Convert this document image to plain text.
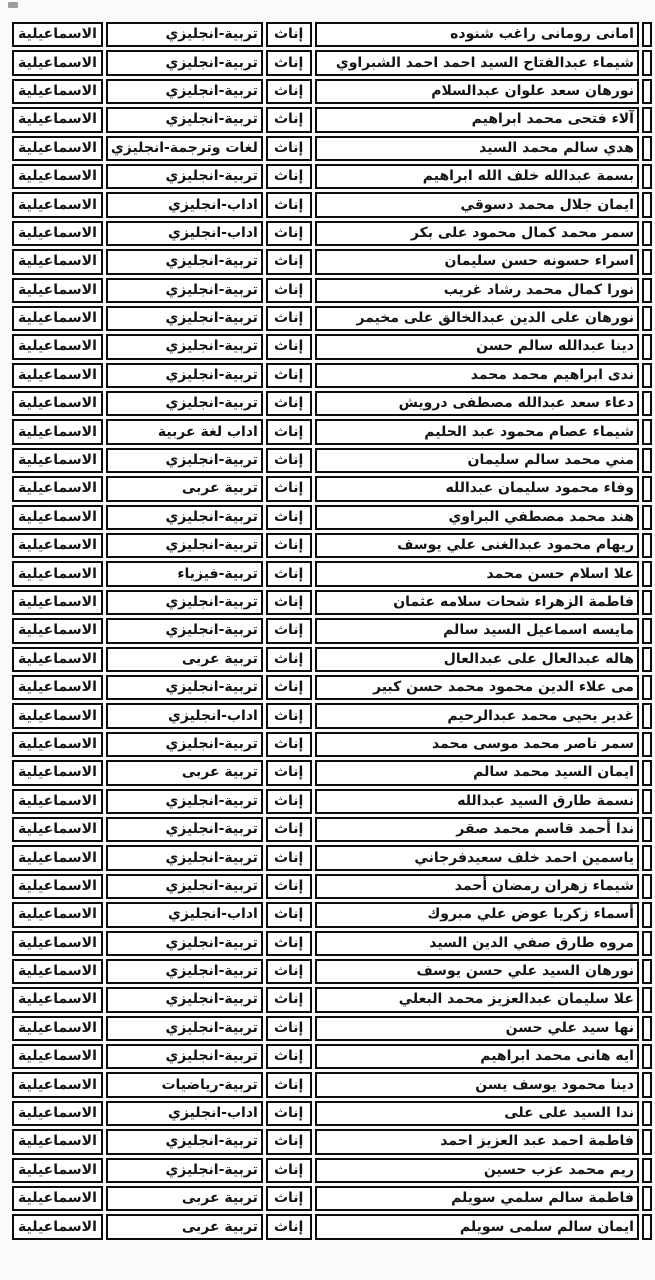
الاسماعيلية	تربية-انجليزي	إناث	امانى رومانى راغب شنوده	
الاسماعيلية	تربية-انجليزي	إناث	شيماء عبدالفتاح السيد احمد احمد الشبراوي	
الاسماعيلية	تربية-انجليزي	إناث	نورهان سعد علوان عبدالسلام	
الاسماعيلية	تربية-انجليزي	إناث	آلاء فتحى محمد ابراهيم	
الاسماعيلية	لغات وترجمة-انجليزي	إناث	هدي سالم محمد السيد	
الاسماعيلية	تربية-انجليزي	إناث	بسمة عبدالله خلف الله ابراهيم	
الاسماعيلية	اداب-انجليزي	إناث	ايمان جلال محمد دسوقي	
الاسماعيلية	اداب-انجليزي	إناث	سمر محمد كمال محمود على بكر	
الاسماعيلية	تربية-انجليزي	إناث	اسراء حسونه حسن سليمان	
الاسماعيلية	تربية-انجليزي	إناث	نورا كمال محمد رشاد غريب	
الاسماعيلية	تربية-انجليزي	إناث	نورهان على الدين عبدالخالق على مخيمر	
الاسماعيلية	تربية-انجليزي	إناث	دينا عبدالله سالم حسن	
الاسماعيلية	تربية-انجليزي	إناث	ندى ابراهيم محمد محمد	
الاسماعيلية	تربية-انجليزي	إناث	دعاء سعد عبدالله مصطفى درويش	
الاسماعيلية	اداب لغة عربية	إناث	شيماء عصام محمود عبد الحليم	
الاسماعيلية	تربية-انجليزي	إناث	مني محمد سالم سليمان	
الاسماعيلية	تربية عربى	إناث	وفاء محمود سليمان عبدالله	
الاسماعيلية	تربية-انجليزي	إناث	هند محمد مصطفي البراوي	
الاسماعيلية	تربية-انجليزي	إناث	ريهام محمود عبدالغنى علي يوسف	
الاسماعيلية	تربية-فيزياء	إناث	علا اسلام حسن محمد	
الاسماعيلية	تربية-انجليزي	إناث	فاطمة الزهراء شحات سلامه عثمان	
الاسماعيلية	تربية-انجليزي	إناث	مايسه اسماعيل السيد سالم	
الاسماعيلية	تربية عربى	إناث	هاله عبدالعال على عبدالعال	
الاسماعيلية	تربية-انجليزي	إناث	مى علاء الدين محمود محمد حسن كبير	
الاسماعيلية	اداب-انجليزي	إناث	غدير يحيى محمد عبدالرحيم	
الاسماعيلية	تربية-انجليزي	إناث	سمر ناصر محمد موسى محمد	
الاسماعيلية	تربية عربى	إناث	ايمان السيد محمد سالم	
الاسماعيلية	تربية-انجليزي	إناث	نسمة طارق السيد عبدالله	
الاسماعيلية	تربية-انجليزي	إناث	ندا أحمد قاسم محمد صقر	
الاسماعيلية	تربية-انجليزي	إناث	ياسمين احمد خلف سعيدفرجاني	
الاسماعيلية	تربية-انجليزي	إناث	شيماء زهران رمضان أحمد	
الاسماعيلية	اداب-انجليزي	إناث	أسماء زكريا عوض علي مبروك	
الاسماعيلية	تربية-انجليزي	إناث	مروه طارق صفي الدين السيد	
الاسماعيلية	تربية-انجليزي	إناث	نورهان السيد علي حسن يوسف	
الاسماعيلية	تربية-انجليزي	إناث	علا سليمان عبدالعزيز محمد البعلي	
الاسماعيلية	تربية-انجليزي	إناث	نها سيد علي حسن	
الاسماعيلية	تربية-انجليزي	إناث	ايه هانى محمد ابراهيم	
الاسماعيلية	تربية-رياضيات	إناث	دينا محمود يوسف يسن	
الاسماعيلية	اداب-انجليزي	إناث	ندا السيد على على	
الاسماعيلية	تربية-انجليزي	إناث	فاطمة احمد عبد العزيز احمد	
الاسماعيلية	تربية-انجليزي	إناث	ريم محمد عزب حسين	
الاسماعيلية	تربية عربى	إناث	فاطمة سالم سلمي سويلم	
الاسماعيلية	تربية عربى	إناث	ايمان سالم سلمى سويلم	
